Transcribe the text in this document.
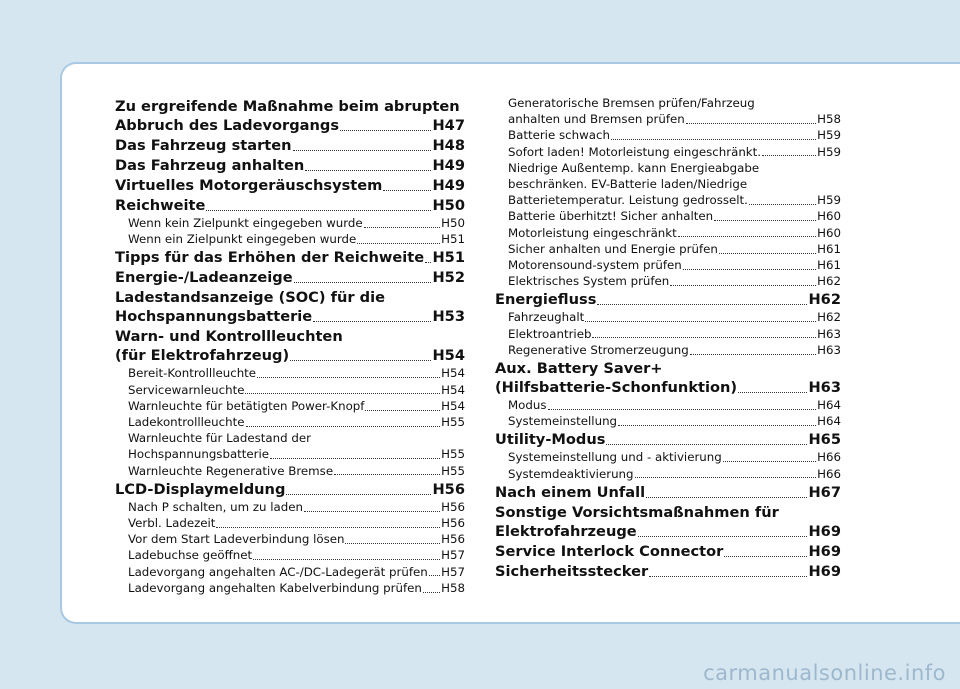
Zu ergreifende Maßnahme beim abrupten
Abbruch des Ladevorgangs	H47
Das Fahrzeug starten	H48
Das Fahrzeug anhalten	H49
Virtuelles Motorgeräuschsystem	H49
Reichweite	H50
Wenn kein Zielpunkt eingegeben wurde	H50
Wenn ein Zielpunkt eingegeben wurde	H51
Tipps für das Erhöhen der Reichweite H51
Energie-/Ladeanzeige	H52
Ladestandsanzeige (SOC) für die
Hochspannungsbatterie	H53
Warn- und Kontrollleuchten
(für Elektrofahrzeug)	H54
Bereit-Kontrollleuchte	H54
Servicewarnleuchte	H54
Warnleuchte für betätigten Power-Knopf	H54
Ladekontrollleuchte	H55
Warnleuchte für Ladestand der
Hochspannungsbatterie	H55
Warnleuchte Regenerative Bremse	H55
LCD-Displaymeldung	H56
Nach P schalten, um zu laden	H56
Verbl. Ladezeit	H56
Vor dem Start Ladeverbindung lösen	H56
Ladebuchse geöffnet	H57
Ladevorgang angehalten AC-/DC-Ladegerät prüfen H57
Ladevorgang angehalten Kabelverbindung prüfen H58
Generatorische Bremsen prüfen/Fahrzeug
anhalten und Bremsen prüfen	H58
Batterie schwach	H59
Sofort laden! Motorleistung eingeschränkt.	H59
Niedrige Außentemp. kann Energieabgabe
beschränken. EV-Batterie laden/Niedrige
Batterietemperatur. Leistung gedrosselt.	H59
Batterie überhitzt! Sicher anhalten	H60
Motorleistung eingeschränkt	H60
Sicher anhalten und Energie prüfen	H61
Motorensound-system prüfen	H61
Elektrisches System prüfen	H62
Energiefluss	H62
Fahrzeughalt	H62
Elektroantrieb	H63
Regenerative Stromerzeugung	H63
Aux. Battery Saver+
(Hilfsbatterie-Schonfunktion)	H63
Modus	H64
Systemeinstellung	H64
Utility-Modus	H65
Systemeinstellung und - aktivierung	H66
Systemdeaktivierung	H66
Nach einem Unfall	H67
Sonstige Vorsichtsmaßnahmen für
Elektrofahrzeuge	H69
Service Interlock Connector	H69
Sicherheitsstecker	H69
carmanualsonline.info
